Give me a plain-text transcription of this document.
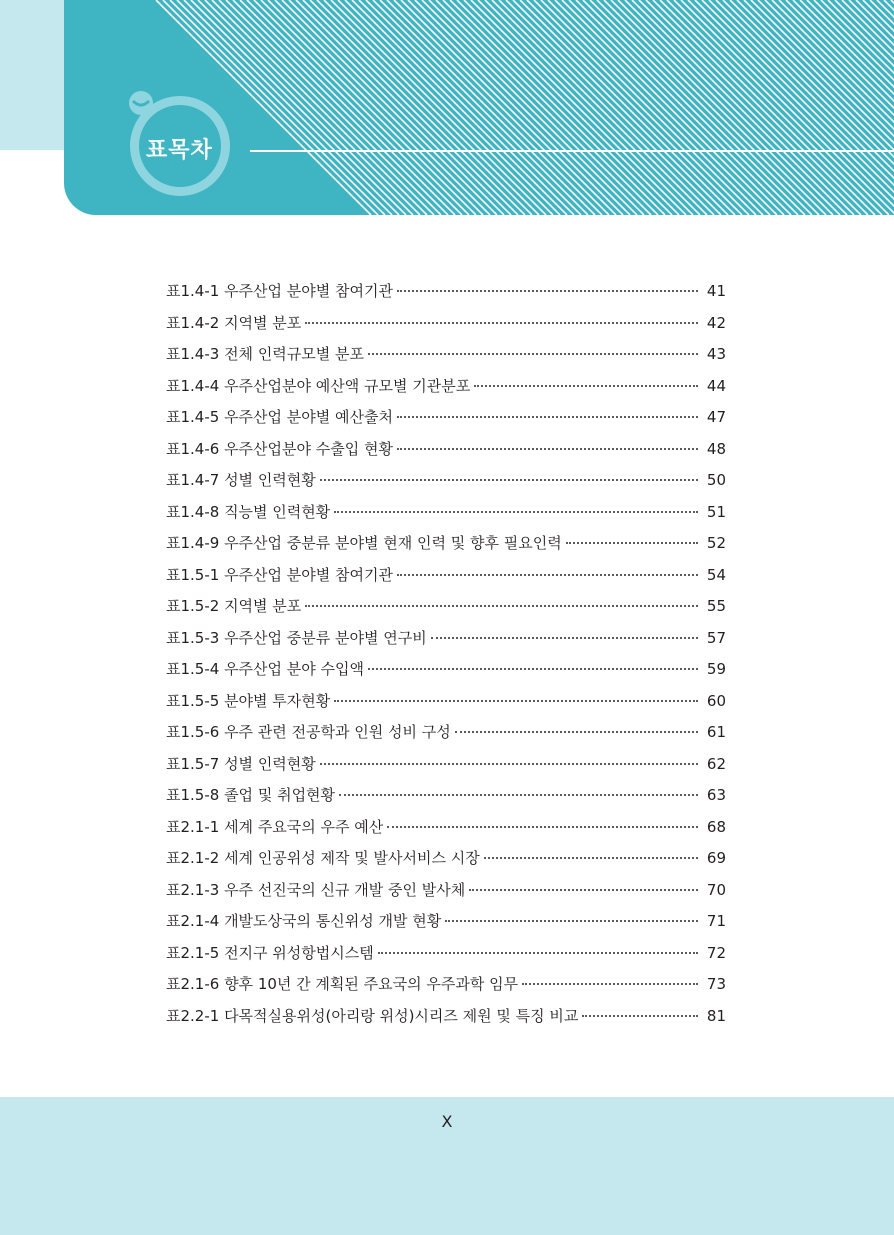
표목차
표1.4-1 우주산업 분야별 참여기관	41
표1.4-2 지역별 분포	42
표1.4-3 전체 인력규모별 분포	43
표1.4-4 우주산업분야 예산액 규모별 기관분포	44
표1.4-5 우주산업 분야별 예산출처	47
표1.4-6 우주산업분야 수출입 현황	48
표1.4-7 성별 인력현황	50
표1.4-8 직능별 인력현황	51
표1.4-9 우주산업 중분류 분야별 현재 인력 및 향후 필요인력	52
표1.5-1 우주산업 분야별 참여기관	54
표1.5-2 지역별 분포	55
표1.5-3 우주산업 중분류 분야별 연구비	57
표1.5-4 우주산업 분야 수입액	59
표1.5-5 분야별 투자현황	60
표1.5-6 우주 관련 전공학과 인원 성비 구성	61
표1.5-7 성별 인력현황	62
표1.5-8 졸업 및 취업현황	63
표2.1-1 세계 주요국의 우주 예산	68
표2.1-2 세계 인공위성 제작 및 발사서비스 시장	69
표2.1-3 우주 선진국의 신규 개발 중인 발사체	70
표2.1-4 개발도상국의 통신위성 개발 현황	71
표2.1-5 전지구 위성항법시스템	72
표2.1-6 향후 10년 간 계획된 주요국의 우주과학 임무	73
표2.2-1 다목적실용위성(아리랑 위성)시리즈 제원 및 특징 비교	81
X
